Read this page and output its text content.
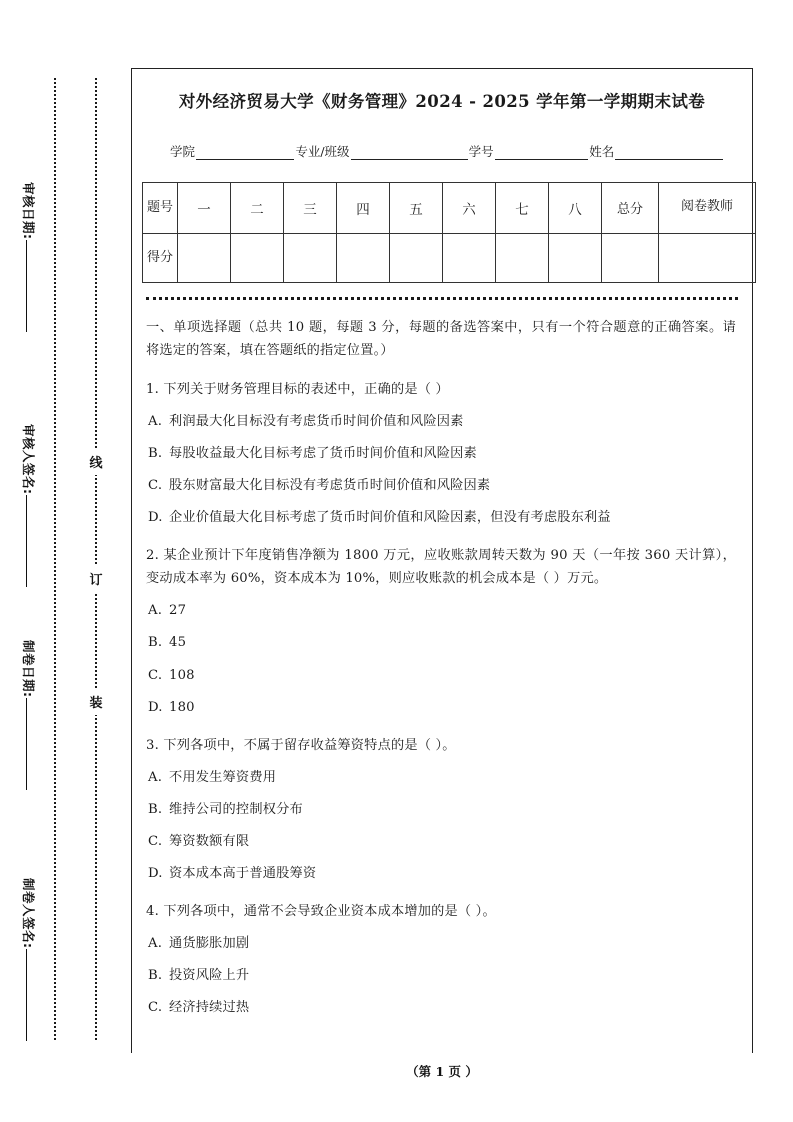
审核日期:
审核人签名:
制卷日期:
制卷人签名:
线
订
装
对外经济贸易大学《财务管理》2024 - 2025 学年第一学期期末试卷
学院	专业/班级	学号	姓名
题号	一	二	三	四	五	六	七	八	总分	阅卷教师
得分										
一、单项选择题（总共 10 题，每题 3 分，每题的备选答案中，只有一个符合题意的正确答案。请将选定的答案，填在答题纸的指定位置。）
1. 下列关于财务管理目标的表述中，正确的是（ ）
A. 利润最大化目标没有考虑货币时间价值和风险因素
B. 每股收益最大化目标考虑了货币时间价值和风险因素
C. 股东财富最大化目标没有考虑货币时间价值和风险因素
D. 企业价值最大化目标考虑了货币时间价值和风险因素，但没有考虑股东利益
2. 某企业预计下年度销售净额为 1800 万元，应收账款周转天数为 90 天（一年按 360 天计算），变动成本率为 60%，资本成本为 10%，则应收账款的机会成本是（ ）万元。
A. 27
B. 45
C. 108
D. 180
3. 下列各项中，不属于留存收益筹资特点的是（ ）。
A. 不用发生筹资费用
B. 维持公司的控制权分布
C. 筹资数额有限
D. 资本成本高于普通股筹资
4. 下列各项中，通常不会导致企业资本成本增加的是（ ）。
A. 通货膨胀加剧
B. 投资风险上升
C. 经济持续过热
（第 1 页 ）
